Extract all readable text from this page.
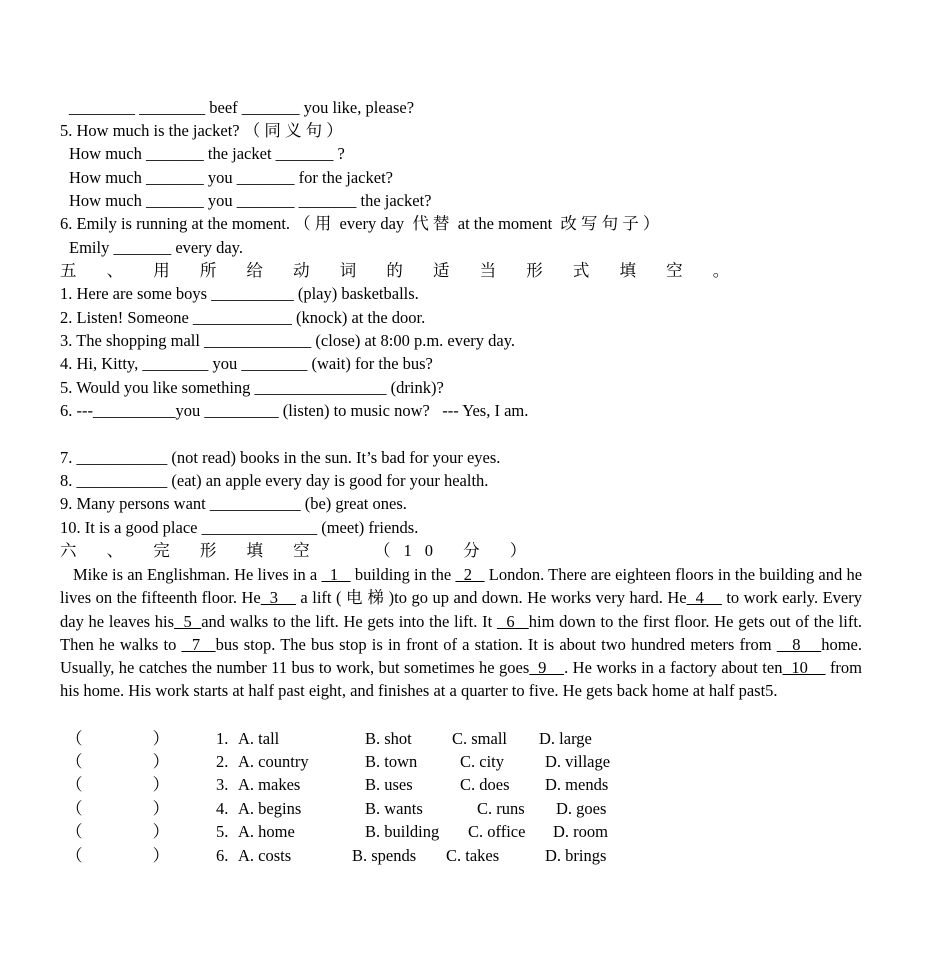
________ ________ beef _______ you like, please?
5. How much is the jacket? （ 同 义 句 ）
How much _______ the jacket _______ ?
How much _______ you _______ for the jacket?
How much _______ you _______ _______ the jacket?
6. Emily is running at the moment. （ 用  every day  代 替  at the moment  改 写 句 子 ）
Emily _______ every day.
五 、 用 所 给 动 词 的 适 当 形 式 填 空 。
1. Here are some boys __________ (play) basketballs.
2. Listen! Someone ____________ (knock) at the door.
3. The shopping mall _____________ (close) at 8:00 p.m. every day.
4. Hi, Kitty, ________ you ________ (wait) for the bus?
5. Would you like something ________________ (drink)?
6. ---__________you _________ (listen) to music now?   --- Yes, I am.
7. ___________ (not read) books in the sun. It’s bad for your eyes.
8. ___________ (eat) an apple every day is good for your health.
9. Many persons want ___________ (be) great ones.
10. It is a good place ______________ (meet) friends.
六 、 完 形 填 空   （10 分 ）
Mike is an Englishman. He lives in a   1    building in the   2    London. There are eighteen floors in the building and he lives on the fifteenth floor. He  3     a lift ( 电 梯 )to go up and down. He works very hard. He  4     to work early. Every day he leaves his  5  and walks to the lift. He gets into the lift. It   6   him down to the first floor. He gets out of the lift. Then he walks to   7   bus stop. The bus stop is in front of a station. It is about two hundred meters from    8    home. Usually, he catches the number 11 bus to work, but sometimes he goes  9    . He works in a factory about ten  10     from his home. His work starts at half past eight, and finishes at a quarter to five. He gets back home at half past5.
（                 ）	1. A. tall	B. shot C. small D. large
（                 ）	2. A. country	B. town	C. city D. village
（                 ）	3. A. makes	B. uses	C. does D. mends
（                 ）	4. A. begins	B. wants	C. runs D. goes
（                 ）	5. A. home	B. building C. office D. room
（                 ）	6. A. costs	B. spends C. takes	D. brings
